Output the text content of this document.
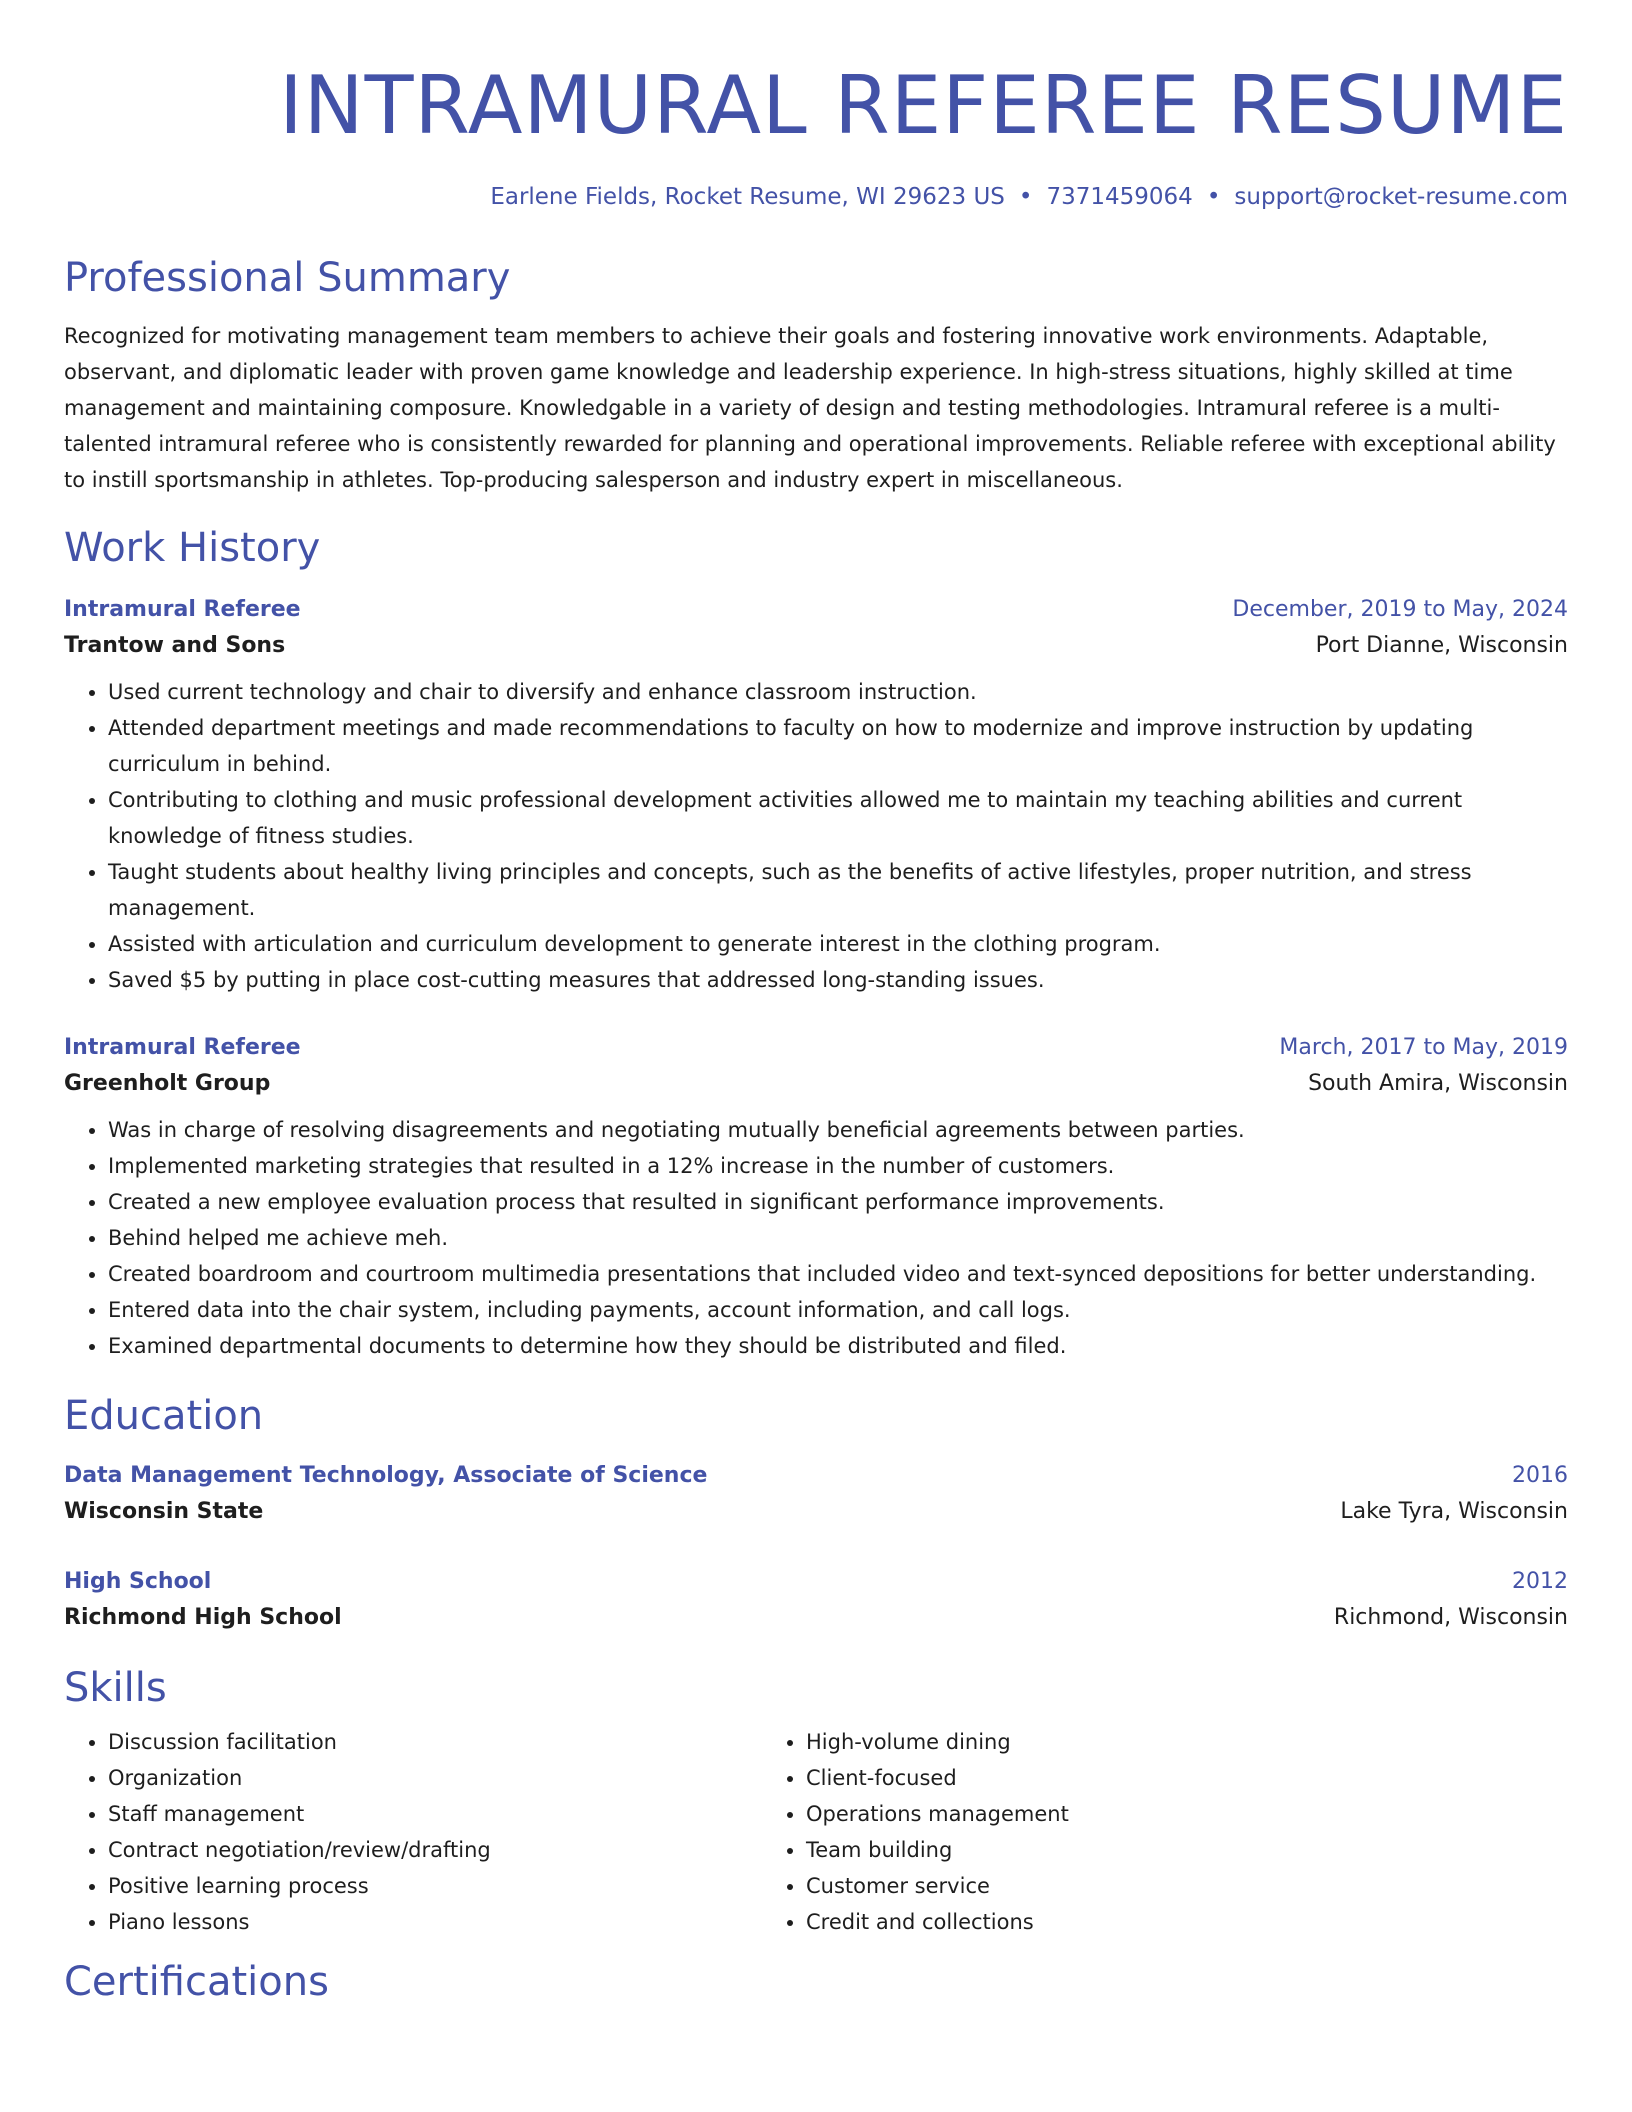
INTRAMURAL REFEREE RESUME
Earlene Fields, Rocket Resume, WI 29623 US • 7371459064 • support@rocket-resume.com
Professional Summary
Recognized for motivating management team members to achieve their goals and fostering innovative work environments. Adaptable, observant, and diplomatic leader with proven game knowledge and leadership experience. In high-stress situations, highly skilled at time management and maintaining composure. Knowledgable in a variety of design and testing methodologies. Intramural referee is a multi-talented intramural referee who is consistently rewarded for planning and operational improvements. Reliable referee with exceptional ability to instill sportsmanship in athletes. Top-producing salesperson and industry expert in miscellaneous.
Work History
Intramural Referee	December, 2019 to May, 2024
Trantow and Sons	Port Dianne, Wisconsin
• Used current technology and chair to diversify and enhance classroom instruction.
• Attended department meetings and made recommendations to faculty on how to modernize and improve instruction by updating curriculum in behind.
• Contributing to clothing and music professional development activities allowed me to maintain my teaching abilities and current knowledge of fitness studies.
• Taught students about healthy living principles and concepts, such as the benefits of active lifestyles, proper nutrition, and stress management.
• Assisted with articulation and curriculum development to generate interest in the clothing program.
• Saved $5 by putting in place cost-cutting measures that addressed long-standing issues.
Intramural Referee	March, 2017 to May, 2019
Greenholt Group	South Amira, Wisconsin
• Was in charge of resolving disagreements and negotiating mutually beneficial agreements between parties.
• Implemented marketing strategies that resulted in a 12% increase in the number of customers.
• Created a new employee evaluation process that resulted in significant performance improvements.
• Behind helped me achieve meh.
• Created boardroom and courtroom multimedia presentations that included video and text-synced depositions for better understanding.
• Entered data into the chair system, including payments, account information, and call logs.
• Examined departmental documents to determine how they should be distributed and filed.
Education
Data Management Technology, Associate of Science	2016
Wisconsin State	Lake Tyra, Wisconsin
High School	2012
Richmond High School	Richmond, Wisconsin
Skills
• Discussion facilitation
• Organization
• Staff management
• Contract negotiation/review/drafting
• Positive learning process
• Piano lessons
• High-volume dining
• Client-focused
• Operations management
• Team building
• Customer service
• Credit and collections
Certifications
